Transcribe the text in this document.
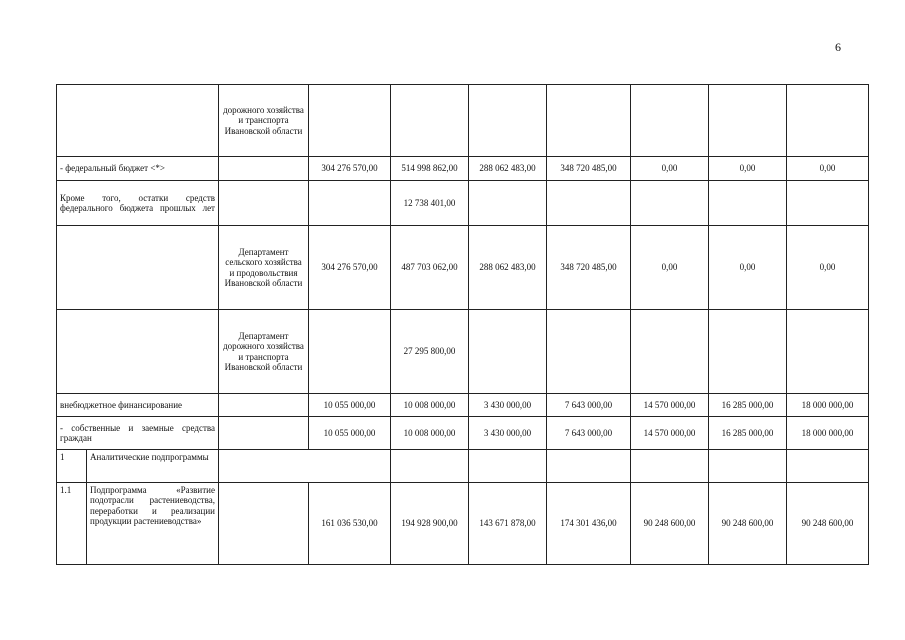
6
		дорожного хозяйства и транспорта Ивановской области							
- федеральный бюджет <*>			304 276 570,00	514 998 862,00	288 062 483,00	348 720 485,00	0,00	0,00	0,00
Кроме того, остатки средств федерального бюджета прошлых лет				12 738 401,00					
		Департамент сельского хозяйства и продовольствия Ивановской области	304 276 570,00	487 703 062,00	288 062 483,00	348 720 485,00	0,00	0,00	0,00
		Департамент дорожного хозяйства и транспорта Ивановской области		27 295 800,00					
внебюджетное финансирование			10 055 000,00	10 008 000,00	3 430 000,00	7 643 000,00	14 570 000,00	16 285 000,00	18 000 000,00
- собственные и заемные средства граждан			10 055 000,00	10 008 000,00	3 430 000,00	7 643 000,00	14 570 000,00	16 285 000,00	18 000 000,00
1	Аналитические подпрограммы								
1.1	Подпрограмма «Развитие подотрасли растениеводства, переработки и реализации продукции растениеводства»		161 036 530,00	194 928 900,00	143 671 878,00	174 301 436,00	90 248 600,00	90 248 600,00	90 248 600,00
